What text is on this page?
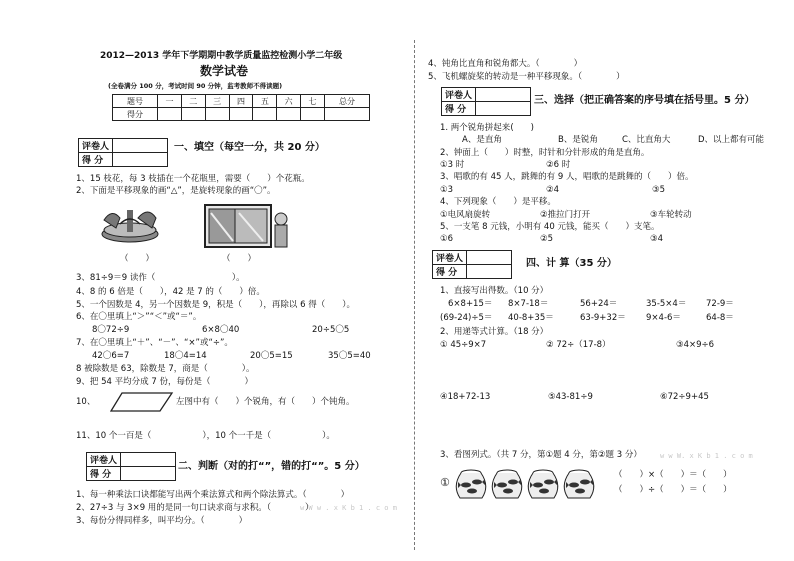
2012—2013 学年下学期期中教学质量监控检测小学二年级
数学试卷
(全卷满分 100 分，考试时间 90 分钟，监考教师不得读题)
题号	一	二	三	四	五	六	七	总分
得分								
评卷人	
得 分	
一、填空（每空一分，共 20 分）
1、15 枝花，每 3 枝插在一个花瓶里，需要（　　）个花瓶。
2、下面是平移现象的画“△”，是旋转现象的画“〇”。
（　　）	（　　）
3、81÷9＝9 读作（　　　　　　　　　）。
4、8 的 6 倍是（　　），42 是 7 的（　　）倍。
5、一个因数是 4，另一个因数是 9，积是（　　），再除以 6 得（　　）。
6、在〇里填上“＞”“＜”或“＝”。
8〇72÷9	6×8〇40	20÷5〇5
7、在〇里填上“＋”、“－”、“×”或“÷”。
42〇6=7	18〇4=14	20〇5=15	35〇5=40
8 被除数是 63，除数是 7，商是（　　　　）。
9、把 54 平均分成 7 份，每份是（　　　　）
10、	左图中有（　　）个锐角，有（　　）个钝角。
11、10 个一百是（　　　　　　），10 个一千是（　　　　　　）。
评卷人	
得 分	
二、判断（对的打“”，错的打“”。5 分）
1、每一种乘法口诀都能写出两个乘法算式和两个除法算式。（　　　　）
2、27÷3 与 3×9 用的是同一句口诀求商与求积。（　　　　）
w W w . x K b 1 . c o m
3、每份分得同样多，叫平均分。（　　　　）
4、钝角比直角和锐角都大。（　　　　）
5、飞机螺旋桨的转动是一种平移现象。（　　　　）
评卷人	
得 分	
三、选择（把正确答案的序号填在括号里。5 分）
1. 两个锐角拼起来(　　)
A、是直角	B、是锐角	C、比直角大	D、以上都有可能
2、钟面上（　　）时整，时针和分针形成的角是直角。
①3 时	②6 时
3、唱歌的有 45 人，跳舞的有 9 人，唱歌的是跳舞的（　　）倍。
①3	②4	③5
4、下列现象（　　）是平移。
①电风扇旋转	②推拉门打开	③车轮转动
5、一支笔 8 元钱，小明有 40 元钱，能买（　　）支笔。
①6	②5	③4
评卷人	
得 分	
四、计 算（35 分）
1、直接写出得数。（10 分）
6×8+15＝ 8×7-18＝	56+24＝	35-5×4＝ 72-9＝
(69-24)÷5＝ 40-8+35＝	63-9+32＝ 9×4-6＝	64-8＝
2、用递等式计算。（18 分）
① 45÷9×7	② 72÷（17-8）	③4×9÷6
④18+72-13	⑤43-81÷9	⑥72÷9+45
3、看图列式。（共 7 分，第①题 4 分，第②题 3 分）	w w W. x K b 1 . c o m
①
（　　）×（　　）＝（　　）
（　　）÷（　　）＝（　　）
